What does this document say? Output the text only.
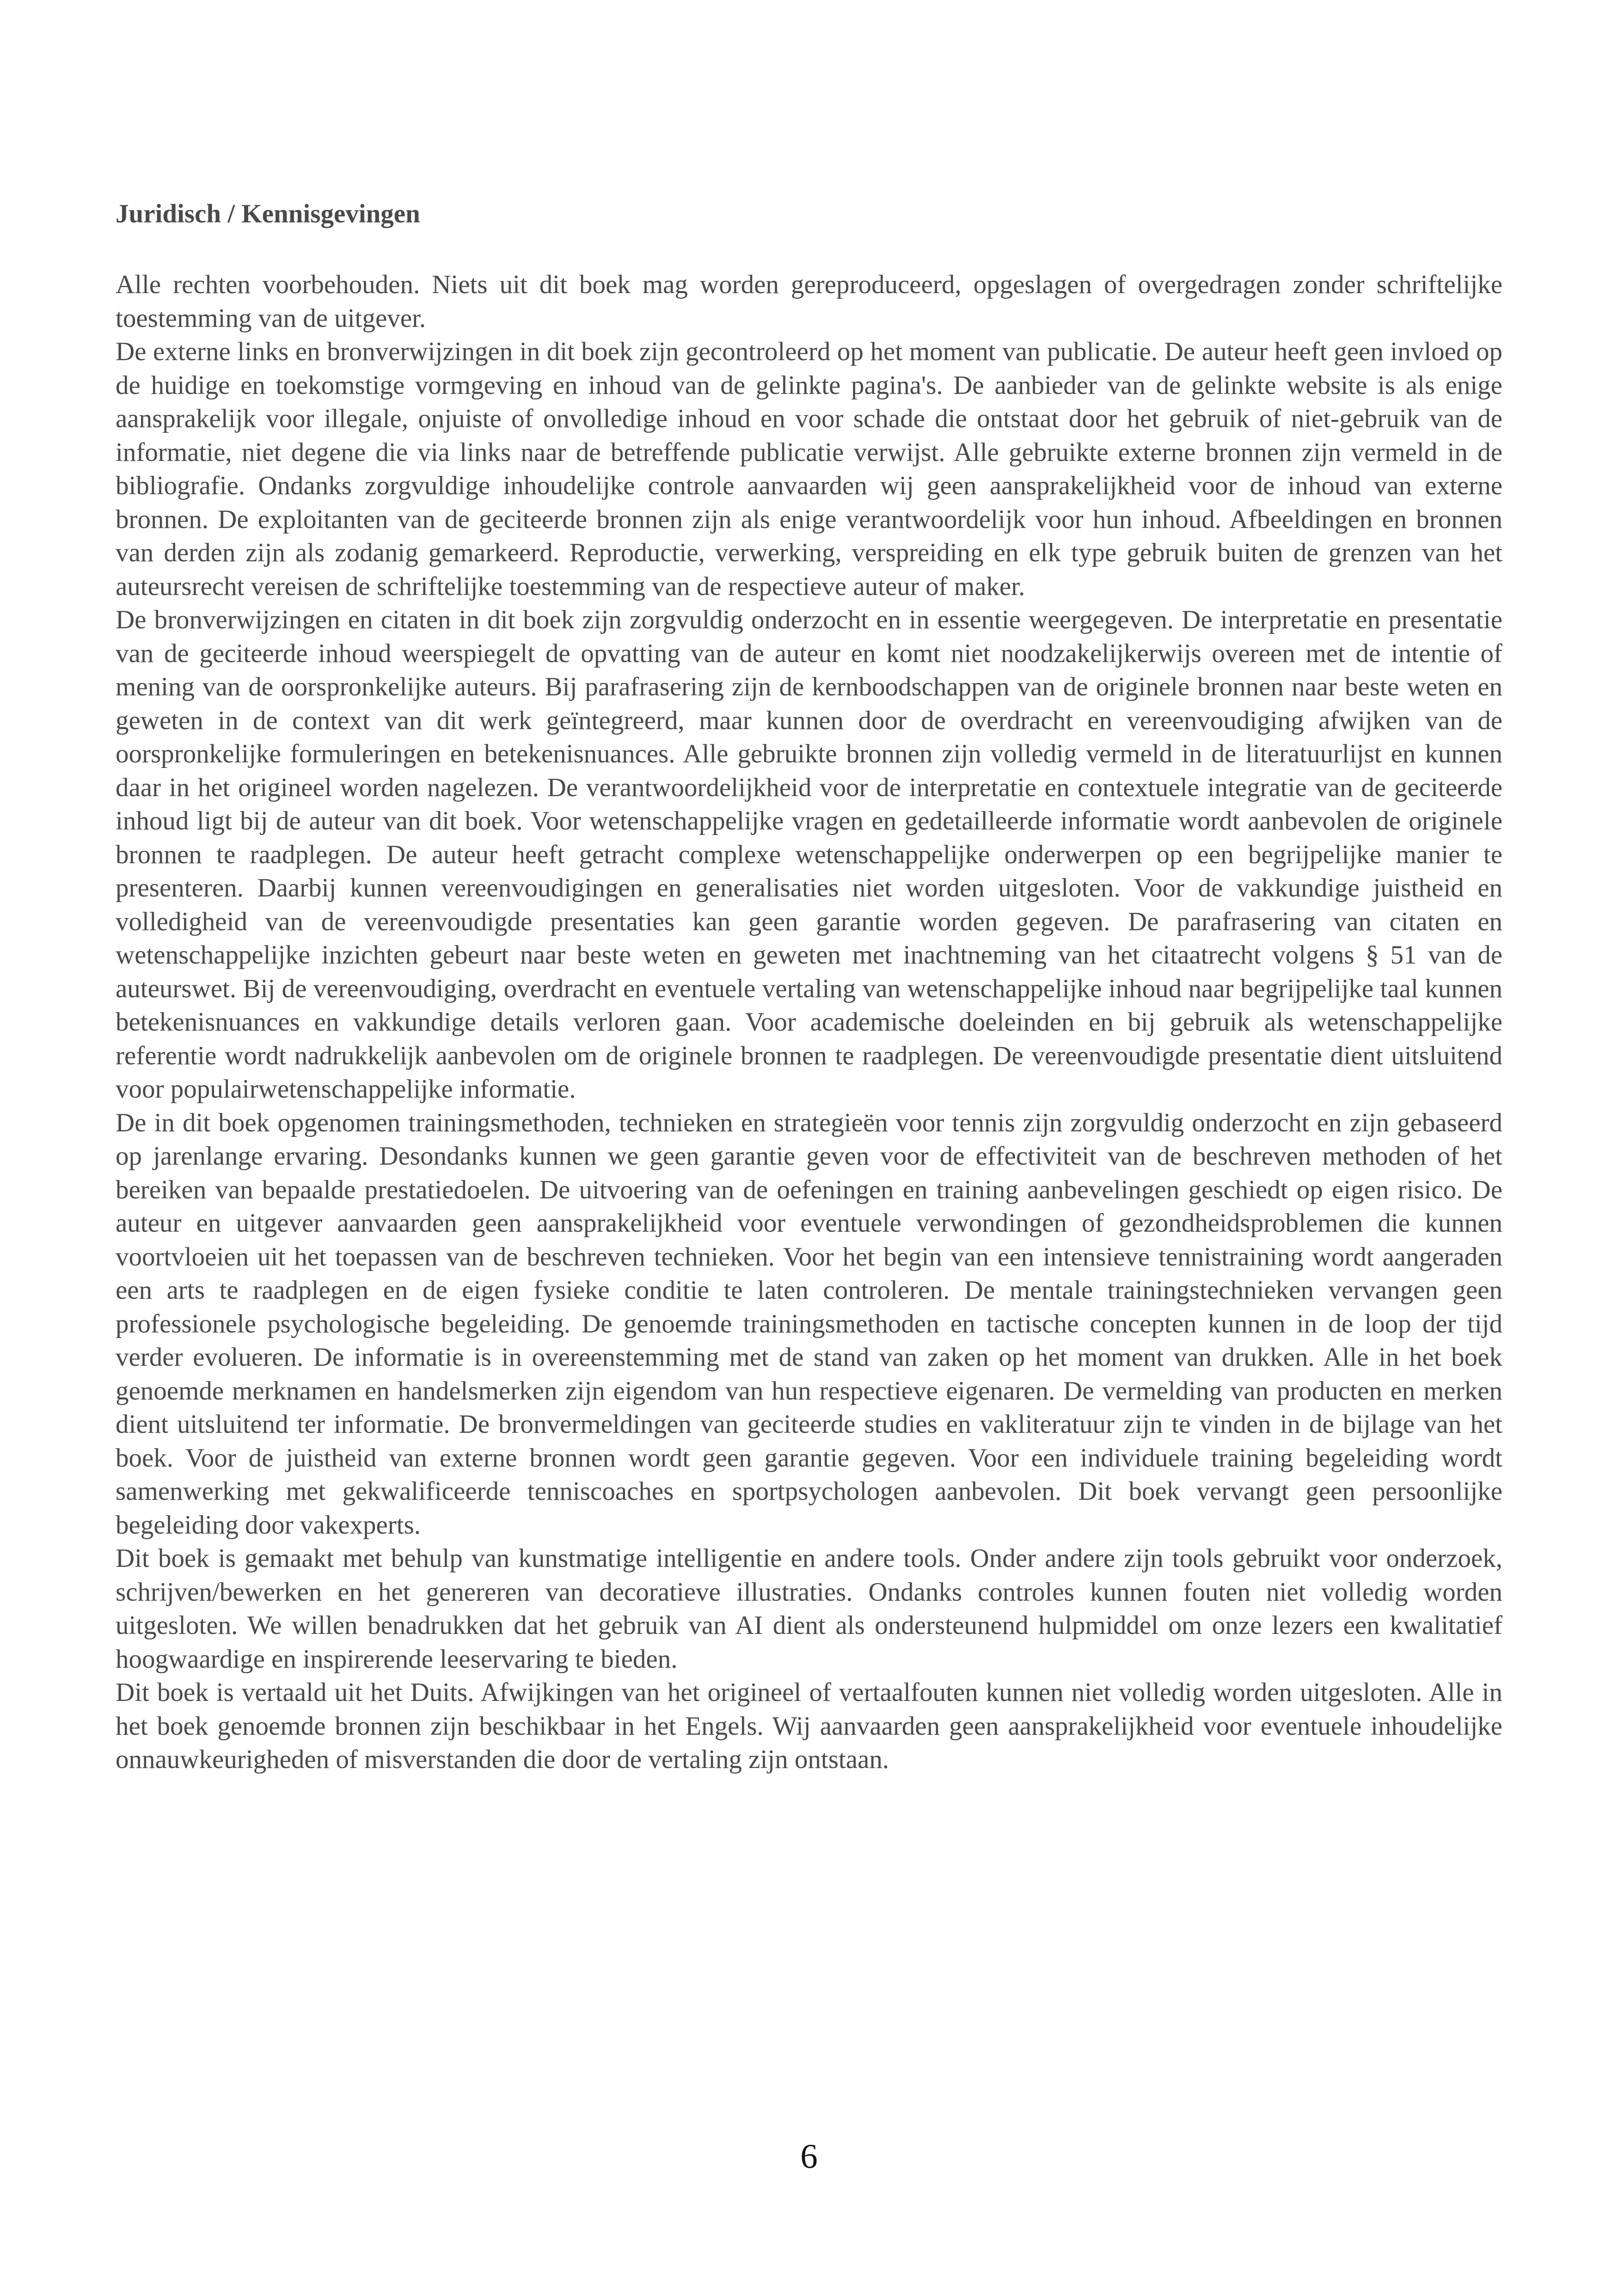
Juridisch / Kennisgevingen

Alle rechten voorbehouden. Niets uit dit boek mag worden gereproduceerd, opgeslagen of overgedragen zonder schriftelijke toestemming van de uitgever.

De externe links en bronverwijzingen in dit boek zijn gecontroleerd op het moment van publicatie. De auteur heeft geen invloed op de huidige en toekomstige vormgeving en inhoud van de gelinkte pagina's. De aanbieder van de gelinkte website is als enige aansprakelijk voor illegale, onjuiste of onvolledige inhoud en voor schade die ontstaat door het gebruik of niet-gebruik van de informatie, niet degene die via links naar de betreffende publicatie verwijst. Alle gebruikte externe bronnen zijn vermeld in de bibliografie. Ondanks zorgvuldige inhoudelijke controle aanvaarden wij geen aansprakelijkheid voor de inhoud van externe bronnen. De exploitanten van de geciteerde bronnen zijn als enige verantwoordelijk voor hun inhoud. Afbeeldingen en bronnen van derden zijn als zodanig gemarkeerd. Reproductie, verwerking, verspreiding en elk type gebruik buiten de grenzen van het auteursrecht vereisen de schriftelijke toestemming van de respectieve auteur of maker.

De bronverwijzingen en citaten in dit boek zijn zorgvuldig onderzocht en in essentie weergegeven. De interpretatie en presentatie van de geciteerde inhoud weerspiegelt de opvatting van de auteur en komt niet noodzakelijkerwijs overeen met de intentie of mening van de oorspronkelijke auteurs. Bij parafrasering zijn de kernboodschappen van de originele bronnen naar beste weten en geweten in de context van dit werk geïntegreerd, maar kunnen door de overdracht en vereenvoudiging afwijken van de oorspronkelijke formuleringen en betekenisnuances. Alle gebruikte bronnen zijn volledig vermeld in de literatuurlijst en kunnen daar in het origineel worden nagelezen. De verantwoordelijkheid voor de interpretatie en contextuele integratie van de geciteerde inhoud ligt bij de auteur van dit boek. Voor wetenschappelijke vragen en gedetailleerde informatie wordt aanbevolen de originele bronnen te raadplegen. De auteur heeft getracht complexe wetenschappelijke onderwerpen op een begrijpelijke manier te presenteren. Daarbij kunnen vereenvoudigingen en generalisaties niet worden uitgesloten. Voor de vakkundige juistheid en volledigheid van de vereenvoudigde presentaties kan geen garantie worden gegeven. De parafrasering van citaten en wetenschappelijke inzichten gebeurt naar beste weten en geweten met inachtneming van het citaatrecht volgens § 51 van de auteurswet. Bij de vereenvoudiging, overdracht en eventuele vertaling van wetenschappelijke inhoud naar begrijpelijke taal kunnen betekenisnuances en vakkundige details verloren gaan. Voor academische doeleinden en bij gebruik als wetenschappelijke referentie wordt nadrukkelijk aanbevolen om de originele bronnen te raadplegen. De vereenvoudigde presentatie dient uitsluitend voor populairwetenschappelijke informatie.

De in dit boek opgenomen trainingsmethoden, technieken en strategieën voor tennis zijn zorgvuldig onderzocht en zijn gebaseerd op jarenlange ervaring. Desondanks kunnen we geen garantie geven voor de effectiviteit van de beschreven methoden of het bereiken van bepaalde prestatiedoelen. De uitvoering van de oefeningen en training aanbevelingen geschiedt op eigen risico. De auteur en uitgever aanvaarden geen aansprakelijkheid voor eventuele verwondingen of gezondheidsproblemen die kunnen voortvloeien uit het toepassen van de beschreven technieken. Voor het begin van een intensieve tennistraining wordt aangeraden een arts te raadplegen en de eigen fysieke conditie te laten controleren. De mentale trainingstechnieken vervangen geen professionele psychologische begeleiding. De genoemde trainingsmethoden en tactische concepten kunnen in de loop der tijd verder evolueren. De informatie is in overeenstemming met de stand van zaken op het moment van drukken. Alle in het boek genoemde merknamen en handelsmerken zijn eigendom van hun respectieve eigenaren. De vermelding van producten en merken dient uitsluitend ter informatie. De bronvermeldingen van geciteerde studies en vakliteratuur zijn te vinden in de bijlage van het boek. Voor de juistheid van externe bronnen wordt geen garantie gegeven. Voor een individuele training begeleiding wordt samenwerking met gekwalificeerde tenniscoaches en sportpsychologen aanbevolen. Dit boek vervangt geen persoonlijke begeleiding door vakexperts.

Dit boek is gemaakt met behulp van kunstmatige intelligentie en andere tools. Onder andere zijn tools gebruikt voor onderzoek, schrijven/bewerken en het genereren van decoratieve illustraties. Ondanks controles kunnen fouten niet volledig worden uitgesloten. We willen benadrukken dat het gebruik van AI dient als ondersteunend hulpmiddel om onze lezers een kwalitatief hoogwaardige en inspirerende leeservaring te bieden.

Dit boek is vertaald uit het Duits. Afwijkingen van het origineel of vertaalfouten kunnen niet volledig worden uitgesloten. Alle in het boek genoemde bronnen zijn beschikbaar in het Engels. Wij aanvaarden geen aansprakelijkheid voor eventuele inhoudelijke onnauwkeurigheden of misverstanden die door de vertaling zijn ontstaan.

6
